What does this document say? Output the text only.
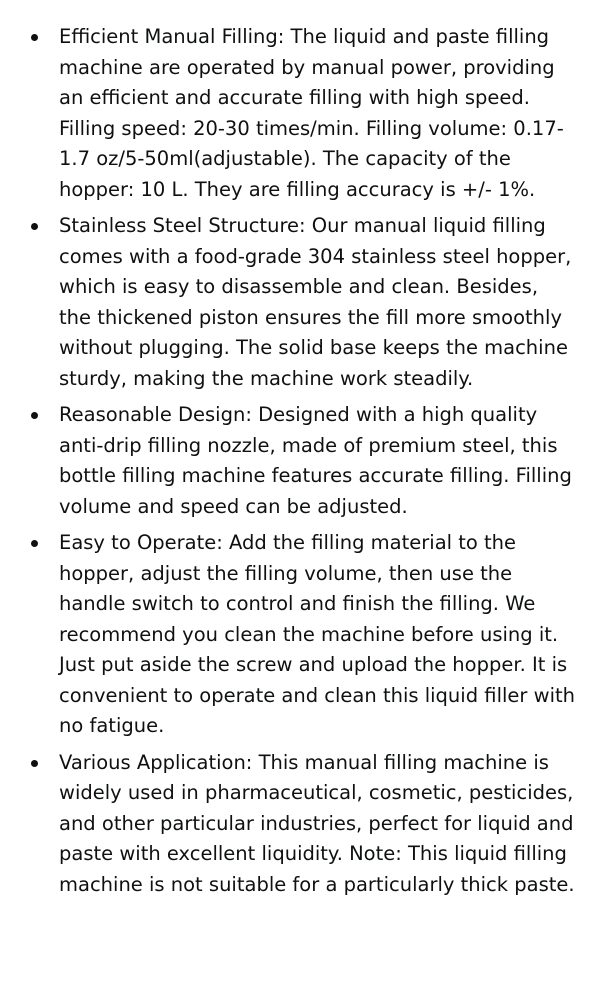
Efficient Manual Filling: The liquid and paste filling machine are operated by manual power, providing an efficient and accurate filling with high speed. Filling speed: 20-30 times/min. Filling volume: 0.17-1.7 oz/5-50ml(adjustable). The capacity of the hopper: 10 L. They are filling accuracy is +/- 1%.
Stainless Steel Structure: Our manual liquid filling comes with a food-grade 304 stainless steel hopper, which is easy to disassemble and clean. Besides, the thickened piston ensures the fill more smoothly without plugging. The solid base keeps the machine sturdy, making the machine work steadily.
Reasonable Design: Designed with a high quality anti-drip filling nozzle, made of premium steel, this bottle filling machine features accurate filling. Filling volume and speed can be adjusted.
Easy to Operate: Add the filling material to the hopper, adjust the filling volume, then use the handle switch to control and finish the filling. We recommend you clean the machine before using it. Just put aside the screw and upload the hopper. It is convenient to operate and clean this liquid filler with no fatigue.
Various Application: This manual filling machine is widely used in pharmaceutical, cosmetic, pesticides, and other particular industries, perfect for liquid and paste with excellent liquidity. Note: This liquid filling machine is not suitable for a particularly thick paste.
